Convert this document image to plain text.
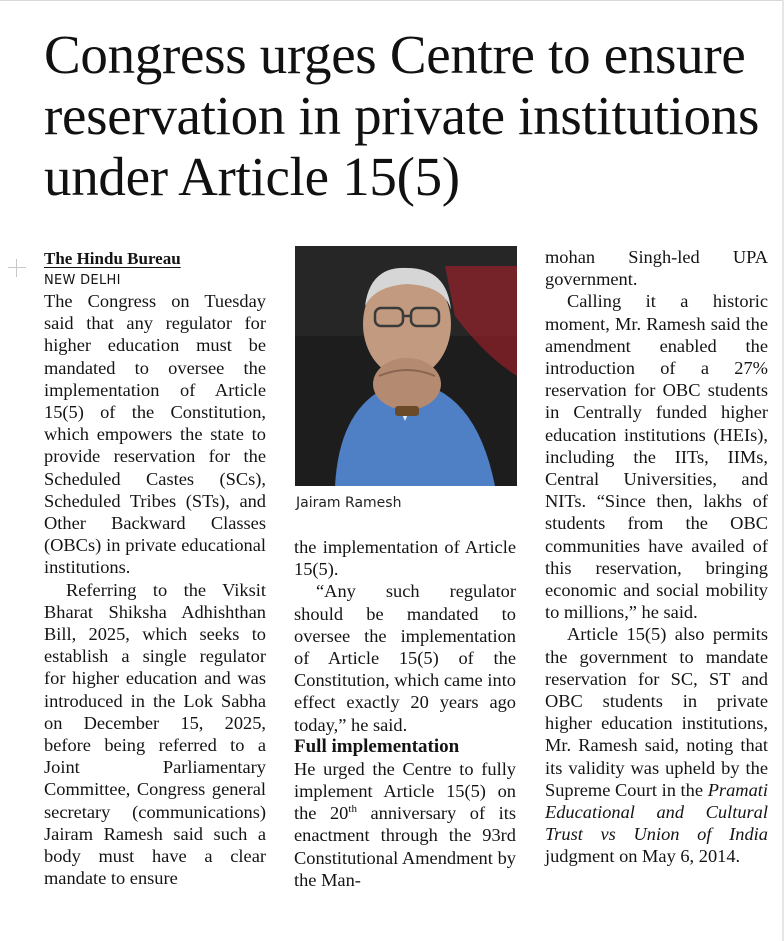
Congress urges Centre to ensure reservation in private institutions under Article 15(5)

The Hindu Bureau

NEW DELHI

The Congress on Tuesday said that any regulator for higher education must be mandated to oversee the implementation of Article 15(5) of the Constitution, which empowers the state to provide reservation for the Scheduled Castes (SCs), Scheduled Tribes (STs), and Other Backward Classes (OBCs) in private educational institutions.

Referring to the Viksit Bharat Shiksha Adhishthan Bill, 2025, which seeks to establish a single regulator for higher education and was introduced in the Lok Sabha on December 15, 2025, before being referred to a Joint Parliamentary Committee, Congress general secretary (communications) Jairam Ramesh said such a body must have a clear mandate to ensure

Jairam Ramesh

the implementation of Article 15(5).

“Any such regulator should be mandated to oversee the implementation of Article 15(5) of the Constitution, which came into effect exactly 20 years ago today,” he said.

Full implementation

He urged the Centre to fully implement Article 15(5) on the 20th anniversary of its enactment through the 93rd Constitutional Amendment by the Man-

mohan Singh-led UPA government.

Calling it a historic moment, Mr. Ramesh said the amendment enabled the introduction of a 27% reservation for OBC students in Centrally funded higher education institutions (HEIs), including the IITs, IIMs, Central Universities, and NITs. “Since then, lakhs of students from the OBC communities have availed of this reservation, bringing economic and social mobility to millions,” he said.

Article 15(5) also permits the government to mandate reservation for SC, ST and OBC students in private higher education institutions, Mr. Ramesh said, noting that its validity was upheld by the Supreme Court in the Pramati Educational and Cultural Trust vs Union of India judgment on May 6, 2014.
